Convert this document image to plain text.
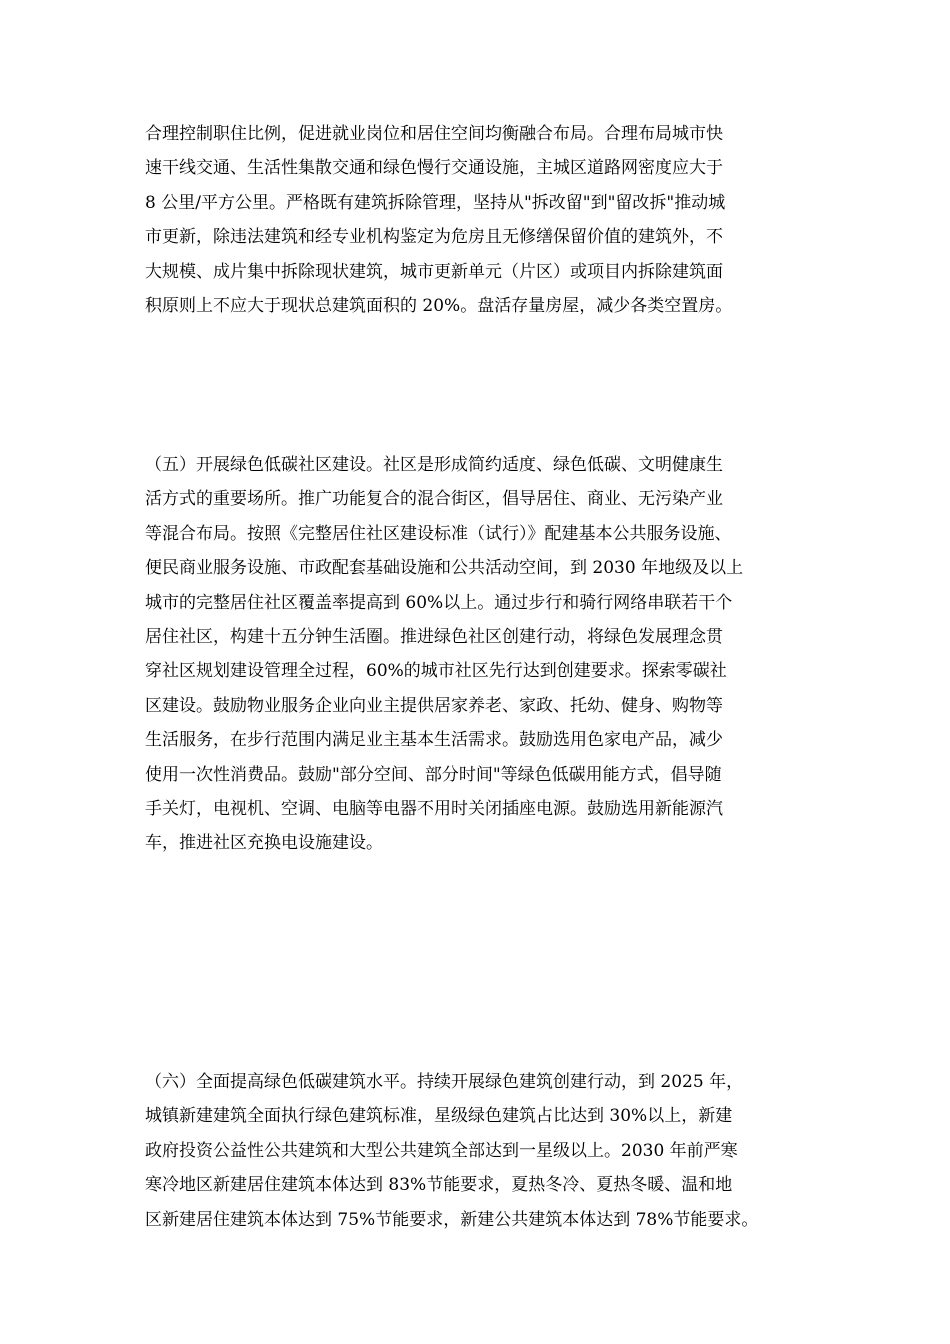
合理控制职住比例，促进就业岗位和居住空间均衡融合布局。合理布局城市快
速干线交通、生活性集散交通和绿色慢行交通设施，主城区道路网密度应大于
8 公里/平方公里。严格既有建筑拆除管理，坚持从"拆改留"到"留改拆"推动城
市更新，除违法建筑和经专业机构鉴定为危房且无修缮保留价值的建筑外，不
大规模、成片集中拆除现状建筑，城市更新单元（片区）或项目内拆除建筑面
积原则上不应大于现状总建筑面积的 20%。盘活存量房屋，减少各类空置房。
（五）开展绿色低碳社区建设。社区是形成简约适度、绿色低碳、文明健康生
活方式的重要场所。推广功能复合的混合街区，倡导居住、商业、无污染产业
等混合布局。按照《完整居住社区建设标准（试行）》配建基本公共服务设施、
便民商业服务设施、市政配套基础设施和公共活动空间，到 2030 年地级及以上
城市的完整居住社区覆盖率提高到 60%以上。通过步行和骑行网络串联若干个
居住社区，构建十五分钟生活圈。推进绿色社区创建行动，将绿色发展理念贯
穿社区规划建设管理全过程，60%的城市社区先行达到创建要求。探索零碳社
区建设。鼓励物业服务企业向业主提供居家养老、家政、托幼、健身、购物等
生活服务，在步行范围内满足业主基本生活需求。鼓励选用色家电产品，减少
使用一次性消费品。鼓励"部分空间、部分时间"等绿色低碳用能方式，倡导随
手关灯，电视机、空调、电脑等电器不用时关闭插座电源。鼓励选用新能源汽
车，推进社区充换电设施建设。
（六）全面提高绿色低碳建筑水平。持续开展绿色建筑创建行动，到 2025 年，
城镇新建建筑全面执行绿色建筑标准，星级绿色建筑占比达到 30%以上，新建
政府投资公益性公共建筑和大型公共建筑全部达到一星级以上。2030 年前严寒
寒冷地区新建居住建筑本体达到 83%节能要求，夏热冬冷、夏热冬暖、温和地
区新建居住建筑本体达到 75%节能要求，新建公共建筑本体达到 78%节能要求。
